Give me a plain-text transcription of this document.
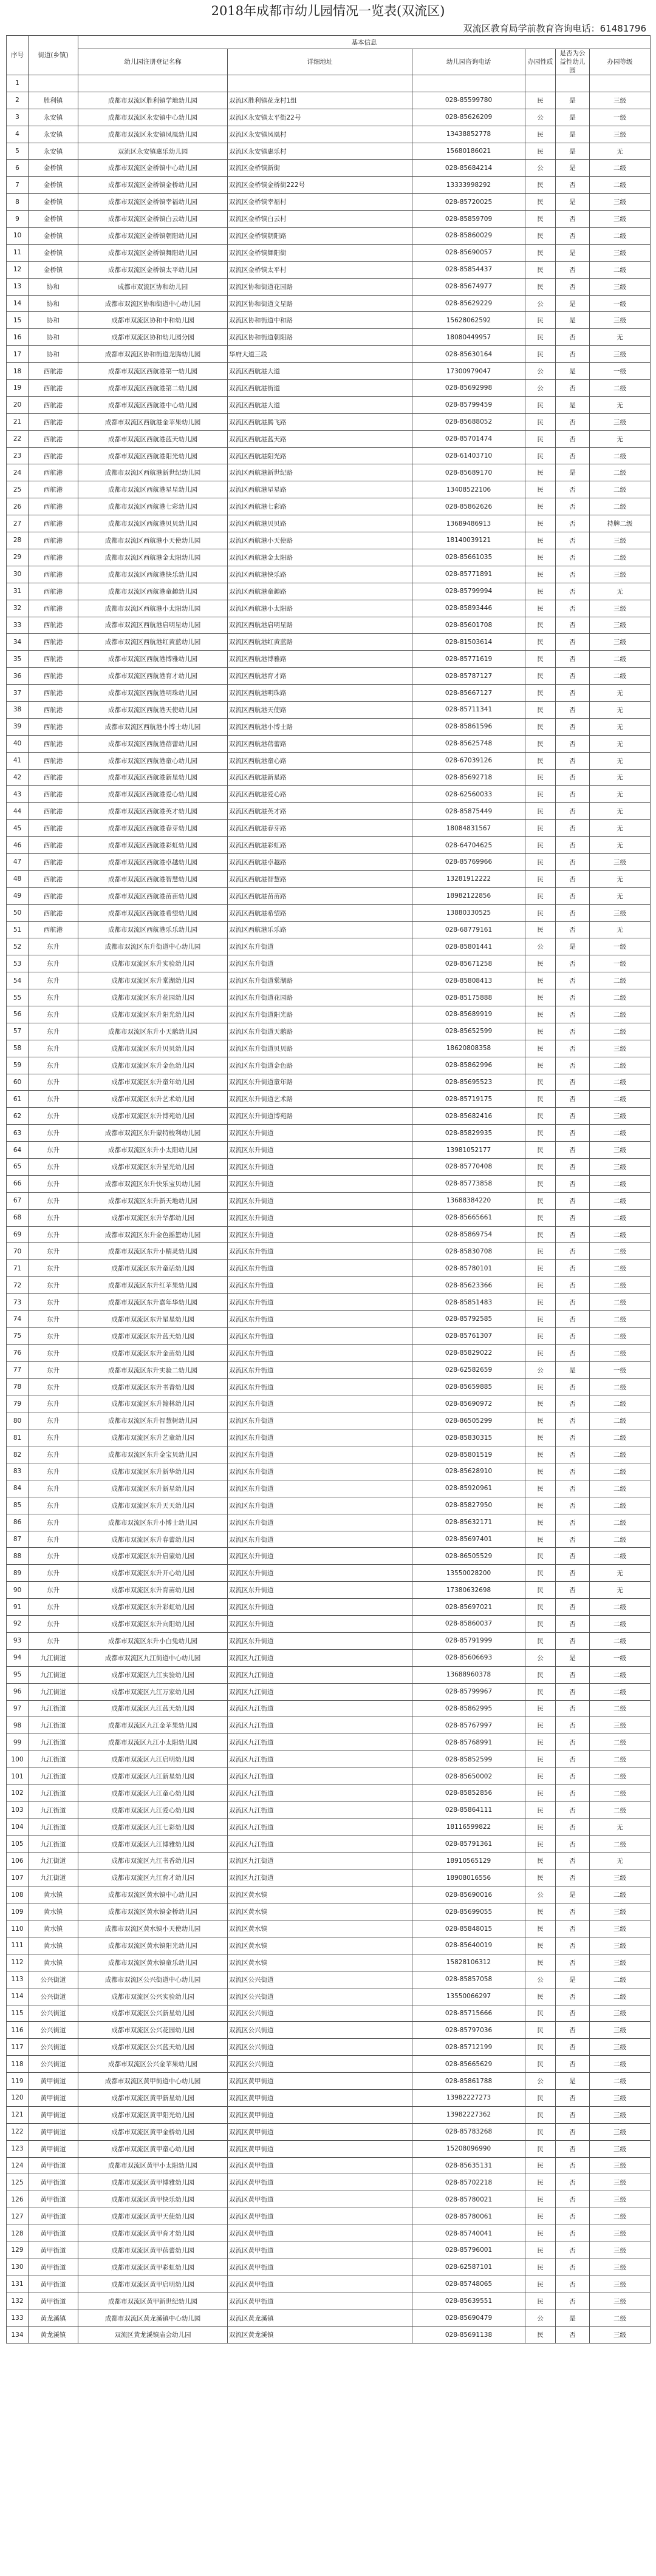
2018年成都市幼儿园情况一览表(双流区)
双流区教育局学前教育咨询电话：61481796
序号	街道(乡镇)	基本信息					
		幼儿园注册登记名称	详细地址	幼儿园咨询电话	办园性质	是否为公益性幼儿园	办园等级
1							
2	胜利镇	成都市双流区胜利镇学地幼儿园	双流区胜利镇花龙村1组	028-85599780	民	是	三级
3	永安镇	成都市双流区永安镇中心幼儿园	双流区永安镇太平街22号	028-85626209	公	是	一级
4	永安镇	成都市双流区永安镇凤凰幼儿园	双流区永安镇凤凰村	13438852778	民	是	三级
5	永安镇	双流区永安镇惠乐幼儿园	双流区永安镇惠乐村	15680186021	民	是	无
6	金桥镇	成都市双流区金桥镇中心幼儿园	双流区金桥镇新街	028-85684214	公	是	二级
7	金桥镇	成都市双流区金桥镇金桥幼儿园	双流区金桥镇金桥街222号	13333998292	民	否	二级
8	金桥镇	成都市双流区金桥镇幸福幼儿园	双流区金桥镇幸福村	028-85720025	民	是	三级
9	金桥镇	成都市双流区金桥镇白云幼儿园	双流区金桥镇白云村	028-85859709	民	否	三级
10	金桥镇	成都市双流区金桥镇朝阳幼儿园	双流区金桥镇朝阳路	028-85860029	民	否	二级
11	金桥镇	成都市双流区金桥镇舞阳幼儿园	双流区金桥镇舞阳街	028-85690057	民	是	三级
12	金桥镇	成都市双流区金桥镇太平幼儿园	双流区金桥镇太平村	028-85854437	民	否	二级
13	协和	成都市双流区协和幼儿园	双流区协和街道花园路	028-85674977	民	否	三级
14	协和	成都市双流区协和街道中心幼儿园	双流区协和街道文星路	028-85629229	公	是	一级
15	协和	成都市双流区协和中和幼儿园	双流区协和街道中和路	15628062592	民	是	三级
16	协和	成都市双流区协和幼儿园分园	双流区协和街道朝阳路	18080449957	民	否	无
17	协和	成都市双流区协和街道龙腾幼儿园	华府大道三段	028-85630164	民	否	三级
18	西航港	成都市双流区西航港第一幼儿园	双流区西航港大道	17300979047	公	是	一级
19	西航港	成都市双流区西航港第二幼儿园	双流区西航港街道	028-85692998	公	否	二级
20	西航港	成都市双流区西航港中心幼儿园	双流区西航港大道	028-85799459	民	是	无
21	西航港	成都市双流区西航港金苹果幼儿园	双流区西航港腾飞路	028-85688052	民	否	三级
22	西航港	成都市双流区西航港蓝天幼儿园	双流区西航港蓝天路	028-85701474	民	否	无
23	西航港	成都市双流区西航港阳光幼儿园	双流区西航港阳光路	028-61403710	民	否	二级
24	西航港	成都市双流区西航港新世纪幼儿园	双流区西航港新世纪路	028-85689170	民	是	二级
25	西航港	成都市双流区西航港星星幼儿园	双流区西航港星星路	13408522106	民	否	二级
26	西航港	成都市双流区西航港七彩幼儿园	双流区西航港七彩路	028-85862626	民	否	二级
27	西航港	成都市双流区西航港贝贝幼儿园	双流区西航港贝贝路	13689486913	民	否	持牌二级
28	西航港	成都市双流区西航港小天使幼儿园	双流区西航港小天使路	18140039121	民	否	三级
29	西航港	成都市双流区西航港金太阳幼儿园	双流区西航港金太阳路	028-85661035	民	否	二级
30	西航港	成都市双流区西航港快乐幼儿园	双流区西航港快乐路	028-85771891	民	否	三级
31	西航港	成都市双流区西航港童趣幼儿园	双流区西航港童趣路	028-85799994	民	否	无
32	西航港	成都市双流区西航港小太阳幼儿园	双流区西航港小太阳路	028-85893446	民	否	三级
33	西航港	成都市双流区西航港启明星幼儿园	双流区西航港启明星路	028-85601708	民	否	三级
34	西航港	成都市双流区西航港红黄蓝幼儿园	双流区西航港红黄蓝路	028-81503614	民	否	三级
35	西航港	成都市双流区西航港博雅幼儿园	双流区西航港博雅路	028-85771619	民	否	二级
36	西航港	成都市双流区西航港育才幼儿园	双流区西航港育才路	028-85787127	民	否	二级
37	西航港	成都市双流区西航港明珠幼儿园	双流区西航港明珠路	028-85667127	民	否	无
38	西航港	成都市双流区西航港天使幼儿园	双流区西航港天使路	028-85711341	民	否	无
39	西航港	成都市双流区西航港小博士幼儿园	双流区西航港小博士路	028-85861596	民	否	无
40	西航港	成都市双流区西航港蓓蕾幼儿园	双流区西航港蓓蕾路	028-85625748	民	否	无
41	西航港	成都市双流区西航港童心幼儿园	双流区西航港童心路	028-67039126	民	否	无
42	西航港	成都市双流区西航港新星幼儿园	双流区西航港新星路	028-85692718	民	否	无
43	西航港	成都市双流区西航港爱心幼儿园	双流区西航港爱心路	028-62560033	民	否	无
44	西航港	成都市双流区西航港英才幼儿园	双流区西航港英才路	028-85875449	民	否	无
45	西航港	成都市双流区西航港春芽幼儿园	双流区西航港春芽路	18084831567	民	否	无
46	西航港	成都市双流区西航港彩虹幼儿园	双流区西航港彩虹路	028-64704625	民	否	无
47	西航港	成都市双流区西航港卓越幼儿园	双流区西航港卓越路	028-85769966	民	否	三级
48	西航港	成都市双流区西航港智慧幼儿园	双流区西航港智慧路	13281912222	民	否	无
49	西航港	成都市双流区西航港苗苗幼儿园	双流区西航港苗苗路	18982122856	民	否	无
50	西航港	成都市双流区西航港希望幼儿园	双流区西航港希望路	13880330525	民	否	三级
51	西航港	成都市双流区西航港乐乐幼儿园	双流区西航港乐乐路	028-68779161	民	否	无
52	东升	成都市双流区东升街道中心幼儿园	双流区东升街道	028-85801441	公	是	一级
53	东升	成都市双流区东升实验幼儿园	双流区东升街道	028-85671258	民	否	一级
54	东升	成都市双流区东升棠湖幼儿园	双流区东升街道棠湖路	028-85808413	民	否	二级
55	东升	成都市双流区东升花园幼儿园	双流区东升街道花园路	028-85175888	民	否	二级
56	东升	成都市双流区东升阳光幼儿园	双流区东升街道阳光路	028-85689919	民	否	二级
57	东升	成都市双流区东升小天鹅幼儿园	双流区东升街道天鹅路	028-85652599	民	否	二级
58	东升	成都市双流区东升贝贝幼儿园	双流区东升街道贝贝路	18620808358	民	否	三级
59	东升	成都市双流区东升金色幼儿园	双流区东升街道金色路	028-85862996	民	否	二级
60	东升	成都市双流区东升童年幼儿园	双流区东升街道童年路	028-85695523	民	否	二级
61	东升	成都市双流区东升艺术幼儿园	双流区东升街道艺术路	028-85719175	民	否	二级
62	东升	成都市双流区东升博苑幼儿园	双流区东升街道博苑路	028-85682416	民	否	三级
63	东升	成都市双流区东升蒙特梭利幼儿园	双流区东升街道	028-85829935	民	否	二级
64	东升	成都市双流区东升小太阳幼儿园	双流区东升街道	13981052177	民	否	三级
65	东升	成都市双流区东升星光幼儿园	双流区东升街道	028-85770408	民	否	三级
66	东升	成都市双流区东升快乐宝贝幼儿园	双流区东升街道	028-85773858	民	否	二级
67	东升	成都市双流区东升新天地幼儿园	双流区东升街道	13688384220	民	否	二级
68	东升	成都市双流区东升华都幼儿园	双流区东升街道	028-85665661	民	否	二级
69	东升	成都市双流区东升金色摇篮幼儿园	双流区东升街道	028-85869754	民	否	二级
70	东升	成都市双流区东升小精灵幼儿园	双流区东升街道	028-85830708	民	否	二级
71	东升	成都市双流区东升童话幼儿园	双流区东升街道	028-85780101	民	否	二级
72	东升	成都市双流区东升红苹果幼儿园	双流区东升街道	028-85623366	民	否	二级
73	东升	成都市双流区东升嘉年华幼儿园	双流区东升街道	028-85851483	民	否	二级
74	东升	成都市双流区东升星星幼儿园	双流区东升街道	028-85792585	民	否	二级
75	东升	成都市双流区东升蓝天幼儿园	双流区东升街道	028-85761307	民	否	二级
76	东升	成都市双流区东升金苗幼儿园	双流区东升街道	028-85829022	民	否	二级
77	东升	成都市双流区东升实验二幼儿园	双流区东升街道	028-62582659	公	是	一级
78	东升	成都市双流区东升书香幼儿园	双流区东升街道	028-85659885	民	否	二级
79	东升	成都市双流区东升翰林幼儿园	双流区东升街道	028-85690972	民	否	二级
80	东升	成都市双流区东升智慧树幼儿园	双流区东升街道	028-86505299	民	否	二级
81	东升	成都市双流区东升艺童幼儿园	双流区东升街道	028-85830315	民	否	二级
82	东升	成都市双流区东升金宝贝幼儿园	双流区东升街道	028-85801519	民	否	二级
83	东升	成都市双流区东升新华幼儿园	双流区东升街道	028-85628910	民	否	二级
84	东升	成都市双流区东升新星幼儿园	双流区东升街道	028-85920961	民	否	二级
85	东升	成都市双流区东升天天幼儿园	双流区东升街道	028-85827950	民	否	二级
86	东升	成都市双流区东升小博士幼儿园	双流区东升街道	028-85632171	民	否	二级
87	东升	成都市双流区东升春蕾幼儿园	双流区东升街道	028-85697401	民	否	二级
88	东升	成都市双流区东升启蒙幼儿园	双流区东升街道	028-86505529	民	否	二级
89	东升	成都市双流区东升开心幼儿园	双流区东升街道	13550028200	民	否	无
90	东升	成都市双流区东升育苗幼儿园	双流区东升街道	17380632698	民	否	无
91	东升	成都市双流区东升彩虹幼儿园	双流区东升街道	028-85697021	民	否	二级
92	东升	成都市双流区东升向阳幼儿园	双流区东升街道	028-85860037	民	否	二级
93	东升	成都市双流区东升小白兔幼儿园	双流区东升街道	028-85791999	民	否	二级
94	九江街道	成都市双流区九江街道中心幼儿园	双流区九江街道	028-85606693	公	是	一级
95	九江街道	成都市双流区九江实验幼儿园	双流区九江街道	13688960378	民	否	二级
96	九江街道	成都市双流区九江万家幼儿园	双流区九江街道	028-85799967	民	否	二级
97	九江街道	成都市双流区九江蓝天幼儿园	双流区九江街道	028-85862995	民	否	二级
98	九江街道	成都市双流区九江金苹果幼儿园	双流区九江街道	028-85767997	民	否	三级
99	九江街道	成都市双流区九江小太阳幼儿园	双流区九江街道	028-85768991	民	否	二级
100	九江街道	成都市双流区九江启明幼儿园	双流区九江街道	028-85852599	民	否	二级
101	九江街道	成都市双流区九江新星幼儿园	双流区九江街道	028-85650002	民	否	二级
102	九江街道	成都市双流区九江童心幼儿园	双流区九江街道	028-85852856	民	否	二级
103	九江街道	成都市双流区九江爱心幼儿园	双流区九江街道	028-85864111	民	否	二级
104	九江街道	成都市双流区九江七彩幼儿园	双流区九江街道	18116599822	民	否	无
105	九江街道	成都市双流区九江博雅幼儿园	双流区九江街道	028-85791361	民	否	二级
106	九江街道	成都市双流区九江书香幼儿园	双流区九江街道	18910565129	民	否	无
107	九江街道	成都市双流区九江育才幼儿园	双流区九江街道	18908016556	民	否	三级
108	黄水镇	成都市双流区黄水镇中心幼儿园	双流区黄水镇	028-85690016	公	是	二级
109	黄水镇	成都市双流区黄水镇金桥幼儿园	双流区黄水镇	028-85699055	民	否	三级
110	黄水镇	成都市双流区黄水镇小天使幼儿园	双流区黄水镇	028-85848015	民	否	三级
111	黄水镇	成都市双流区黄水镇阳光幼儿园	双流区黄水镇	028-85640019	民	否	三级
112	黄水镇	成都市双流区黄水镇童乐幼儿园	双流区黄水镇	15828106312	民	否	三级
113	公兴街道	成都市双流区公兴街道中心幼儿园	双流区公兴街道	028-85857058	公	是	二级
114	公兴街道	成都市双流区公兴实验幼儿园	双流区公兴街道	13550066297	民	否	二级
115	公兴街道	成都市双流区公兴新星幼儿园	双流区公兴街道	028-85715666	民	否	三级
116	公兴街道	成都市双流区公兴花园幼儿园	双流区公兴街道	028-85797036	民	否	三级
117	公兴街道	成都市双流区公兴蓝天幼儿园	双流区公兴街道	028-85712199	民	否	三级
118	公兴街道	成都市双流区公兴金苹果幼儿园	双流区公兴街道	028-85665629	民	否	二级
119	黄甲街道	成都市双流区黄甲街道中心幼儿园	双流区黄甲街道	028-85861788	公	是	二级
120	黄甲街道	成都市双流区黄甲新星幼儿园	双流区黄甲街道	13982227273	民	否	三级
121	黄甲街道	成都市双流区黄甲阳光幼儿园	双流区黄甲街道	13982227362	民	否	三级
122	黄甲街道	成都市双流区黄甲金桥幼儿园	双流区黄甲街道	028-85783268	民	否	三级
123	黄甲街道	成都市双流区黄甲童心幼儿园	双流区黄甲街道	15208096990	民	否	三级
124	黄甲街道	成都市双流区黄甲小太阳幼儿园	双流区黄甲街道	028-85635131	民	否	三级
125	黄甲街道	成都市双流区黄甲博雅幼儿园	双流区黄甲街道	028-85702218	民	否	三级
126	黄甲街道	成都市双流区黄甲快乐幼儿园	双流区黄甲街道	028-85780021	民	否	三级
127	黄甲街道	成都市双流区黄甲天使幼儿园	双流区黄甲街道	028-85780061	民	否	二级
128	黄甲街道	成都市双流区黄甲育才幼儿园	双流区黄甲街道	028-85740041	民	否	三级
129	黄甲街道	成都市双流区黄甲蓓蕾幼儿园	双流区黄甲街道	028-85796001	民	否	三级
130	黄甲街道	成都市双流区黄甲彩虹幼儿园	双流区黄甲街道	028-62587101	民	否	三级
131	黄甲街道	成都市双流区黄甲启明幼儿园	双流区黄甲街道	028-85748065	民	否	三级
132	黄甲街道	成都市双流区黄甲新世纪幼儿园	双流区黄甲街道	028-85639551	民	否	三级
133	黄龙溪镇	成都市双流区黄龙溪镇中心幼儿园	双流区黄龙溪镇	028-85690479	公	是	二级
134	黄龙溪镇	双流区黄龙溪镇庙会幼儿园	双流区黄龙溪镇	028-85691138	民	否	三级
